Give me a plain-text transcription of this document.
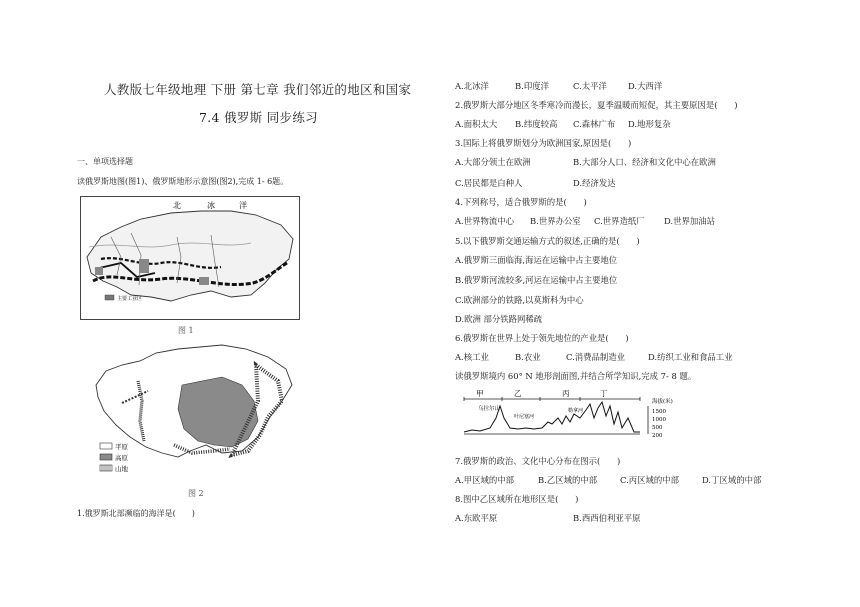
人教版七年级地理 下册 第七章 我们邻近的地区和国家
7.4 俄罗斯 同步练习
一、单项选择题
读俄罗斯地图(图1)、俄罗斯地形示意图(图2),完成 1- 6题。
北	冰	洋
主要工业区
图 1
平原
高原
山地
图 2
1.俄罗斯北部濒临的海洋是(　　)
A.北冰洋	B.印度洋	C.太平洋	D.大西洋
2.俄罗斯大部分地区冬季寒冷而漫长，夏季温暖而短促，其主要原因是(　　)
A.面积太大 B.纬度较高 C.森林广布 D.地形复杂
3.国际上将俄罗斯划分为欧洲国家,原因是(　　)
A.大部分领土在欧洲	B.大部分人口、经济和文化中心在欧洲
C.居民都是白种人	D.经济发达
4.下列称号，适合俄罗斯的是(　　)
A.世界物流中心 B.世界办公室 C.世界造纸厂 D.世界加油站
5.以下俄罗斯交通运输方式的叙述,正确的是(　　)
A.俄罗斯三面临海,海运在运输中占主要地位
B.俄罗斯河流较多,河运在运输中占主要地位
C.欧洲部分的铁路,以莫斯科为中心
D.欧洲 部分铁路网稀疏
6.俄罗斯在世界上处于领先地位的产业是(　　)
A.核工业	B.农业	C.消费品制造业	D.纺织工业和食品工业
读俄罗斯境内 60° N 地形剖面图,并结合所学知识,完成 7- 8 题。
甲	乙	丙	丁
乌拉尔山
叶尼塞河
勒拿河
海拔(米)
1500
1000
500
200
7.俄罗斯的政治、文化中心分布在图示(　　)
A.甲区域的中部	B.乙区域的中部	C.丙区域的中部	D.丁区域的中部
8.图中乙区域所在地形区是(　　)
A.东欧平原	B.西西伯利亚平原
